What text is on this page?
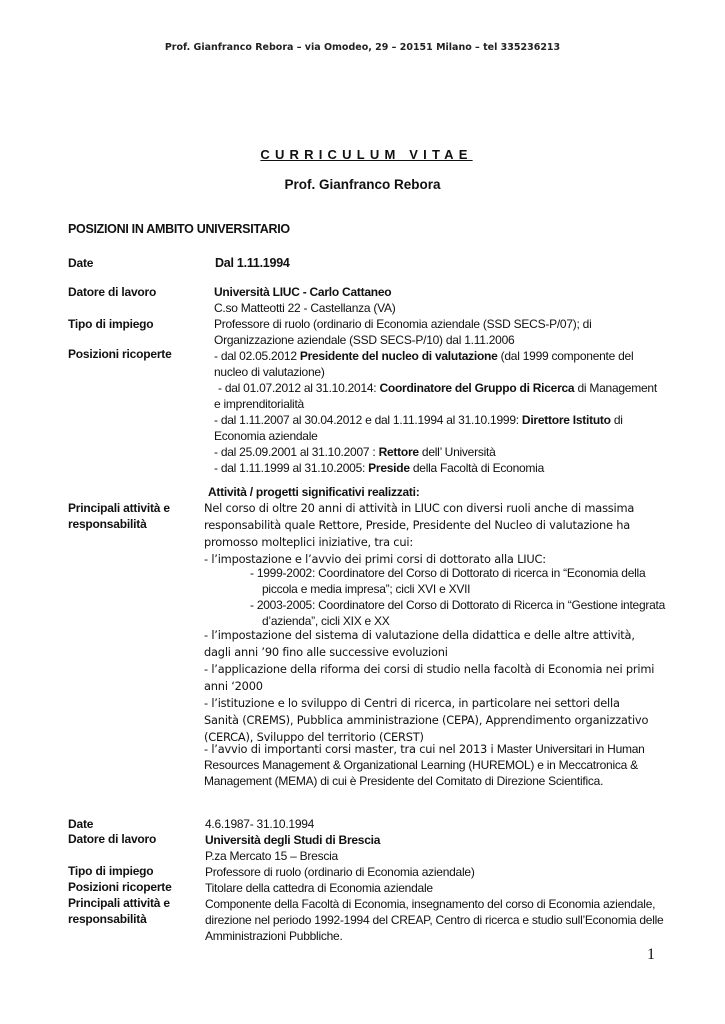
Prof. Gianfranco Rebora – via Omodeo, 29 – 20151 Milano – tel 335236213
CURRICULUM VITAE
Prof. Gianfranco Rebora
POSIZIONI IN AMBITO UNIVERSITARIO
Date
Datore di lavoro
Tipo di impiego
Posizioni ricoperte
Principali attività e
responsabilità
Dal 1.11.1994
Università LIUC - Carlo Cattaneo
C.so Matteotti 22 - Castellanza (VA)
Professore di ruolo (ordinario di Economia aziendale (SSD SECS-P/07); di
Organizzazione aziendale (SSD SECS-P/10) dal 1.11.2006
- dal 02.05.2012 Presidente del nucleo di valutazione (dal 1999 componente del
nucleo di valutazione)
- dal 01.07.2012 al 31.10.2014: Coordinatore del Gruppo di Ricerca di Management
e imprenditorialità
- dal 1.11.2007 al 30.04.2012 e dal 1.11.1994 al 31.10.1999: Direttore Istituto di
Economia aziendale
- dal 25.09.2001 al 31.10.2007 : Rettore dell’ Università
- dal 1.11.1999 al 31.10.2005: Preside della Facoltà di Economia
Attività / progetti significativi realizzati:
Nel corso di oltre 20 anni di attività in LIUC con diversi ruoli anche di massima
responsabilità quale Rettore, Preside, Presidente del Nucleo di valutazione ha
promosso molteplici iniziative, tra cui:
- l’impostazione e l’avvio dei primi corsi di dottorato alla LIUC:
- 1999-2002: Coordinatore del Corso di Dottorato di ricerca in “Economia della
piccola e media impresa”; cicli XVI e XVII
- 2003-2005: Coordinatore del Corso di Dottorato di Ricerca in “Gestione integrata
d’azienda”, cicli XIX e XX
- l’impostazione del sistema di valutazione della didattica e delle altre attività,
dagli anni ’90 fino alle successive evoluzioni
- l’applicazione della riforma dei corsi di studio nella facoltà di Economia nei primi
anni ‘2000
- l’istituzione e lo sviluppo di Centri di ricerca, in particolare nei settori della
Sanità (CREMS), Pubblica amministrazione (CEPA), Apprendimento organizzativo
(CERCA), Sviluppo del territorio (CERST)
- l’avvio di importanti corsi master, tra cui nel 2013 i Master Universitari in Human
Resources Management & Organizational Learning (HUREMOL) e in Meccatronica &
Management (MEMA) di cui è Presidente del Comitato di Direzione Scientifica.
Date
Datore di lavoro
Tipo di impiego
Posizioni ricoperte
Principali attività e
responsabilità
4.6.1987- 31.10.1994
Università degli Studi di Brescia
P.za Mercato 15 – Brescia
Professore di ruolo (ordinario di Economia aziendale)
Titolare della cattedra di Economia aziendale
Componente della Facoltà di Economia, insegnamento del corso di Economia aziendale,
direzione nel periodo 1992-1994 del CREAP, Centro di ricerca e studio sull’Economia delle
Amministrazioni Pubbliche.
1
